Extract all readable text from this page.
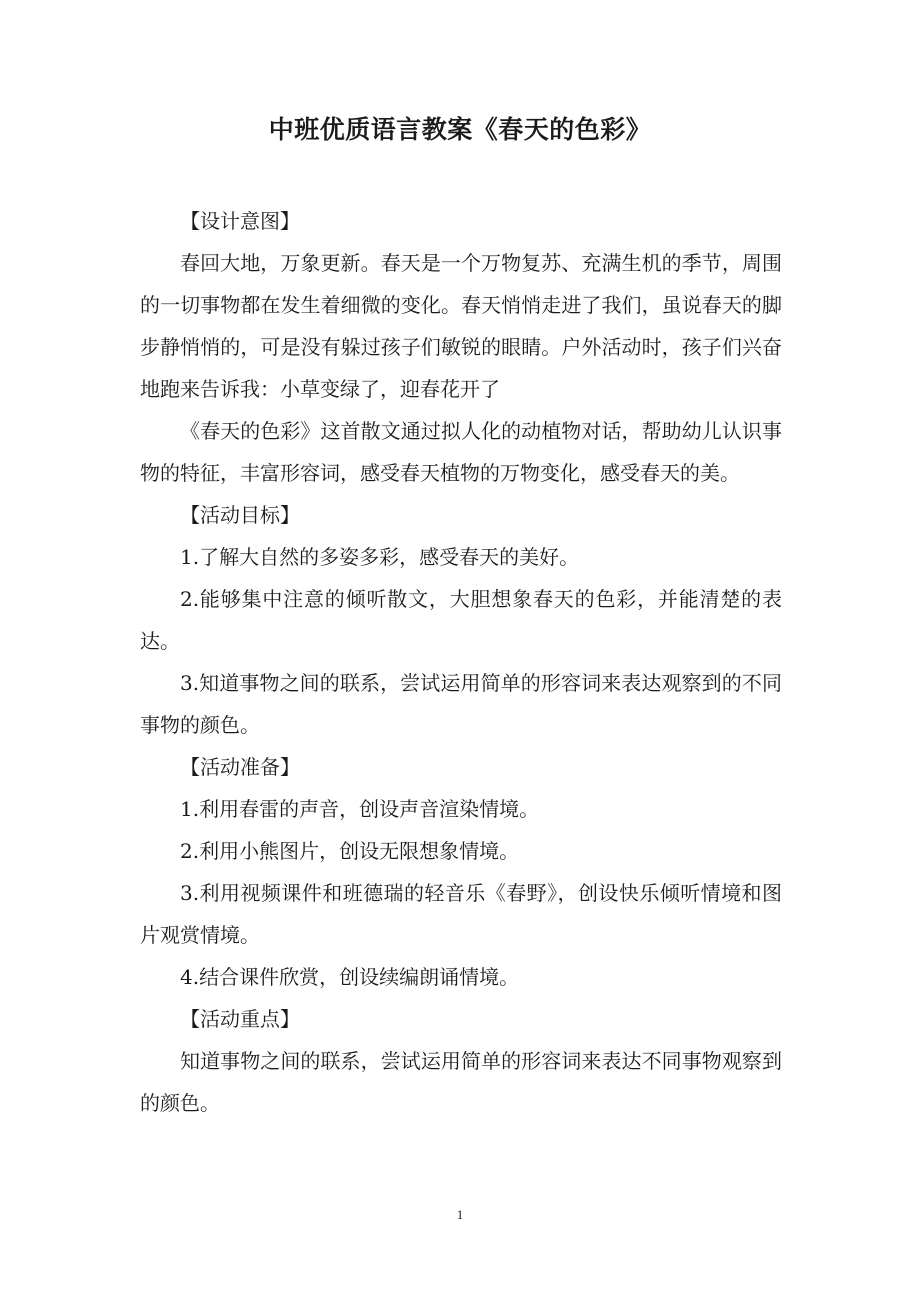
中班优质语言教案《春天的色彩》

【设计意图】

春回大地，万象更新。春天是一个万物复苏、充满生机的季节，周围的一切事物都在发生着细微的变化。春天悄悄走进了我们，虽说春天的脚步静悄悄的，可是没有躲过孩子们敏锐的眼睛。户外活动时，孩子们兴奋地跑来告诉我：小草变绿了，迎春花开了

《春天的色彩》这首散文通过拟人化的动植物对话，帮助幼儿认识事物的特征，丰富形容词，感受春天植物的万物变化，感受春天的美。

【活动目标】

1.了解大自然的多姿多彩，感受春天的美好。

2.能够集中注意的倾听散文，大胆想象春天的色彩，并能清楚的表达。

3.知道事物之间的联系，尝试运用简单的形容词来表达观察到的不同事物的颜色。

【活动准备】

1.利用春雷的声音，创设声音渲染情境。

2.利用小熊图片，创设无限想象情境。

3.利用视频课件和班德瑞的轻音乐《春野》，创设快乐倾听情境和图片观赏情境。

4.结合课件欣赏，创设续编朗诵情境。

【活动重点】

知道事物之间的联系，尝试运用简单的形容词来表达不同事物观察到的颜色。

1
